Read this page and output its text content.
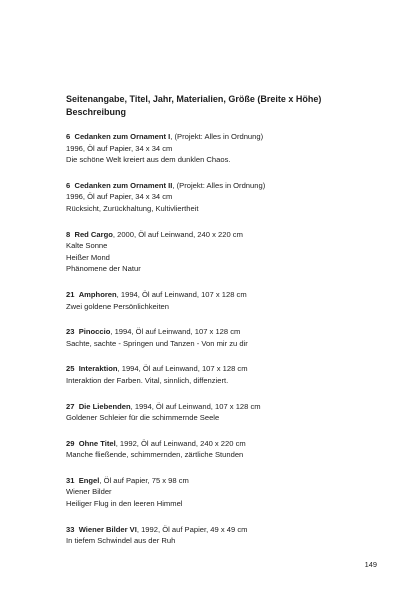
Seitenangabe, Titel, Jahr, Materialien, Größe (Breite x Höhe) Beschreibung
6 Cedanken zum Ornament I, (Projekt: Alles in Ordnung)
1996, Öl auf Papier, 34 x 34 cm
Die schöne Welt kreiert aus dem dunklen Chaos.
6 Cedanken zum Ornament II, (Projekt: Alles in Ordnung)
1996, Öl auf Papier, 34 x 34 cm
Rücksicht, Zurückhaltung, Kultivliertheit
8 Red Cargo, 2000, Öl auf Leinwand, 240 x 220 cm
Kalte Sonne
Heißer Mond
Phänomene der Natur
21 Amphoren, 1994, Öl auf Leinwand, 107 x 128 cm
Zwei goldene Persönlichkeiten
23 Pinoccio, 1994, Öl auf Leinwand, 107 x 128 cm
Sachte, sachte - Springen und Tanzen - Von mir zu dir
25 Interaktion, 1994, Öl auf Leinwand, 107 x 128 cm
Interaktion der Farben. Vital, sinnlich, diffenziert.
27 Die Liebenden, 1994, Öl auf Leinwand, 107 x 128 cm
Goldener Schleier für die schimmernde Seele
29 Ohne Titel, 1992, Öl auf Leinwand, 240 x 220 cm
Manche fließende, schimmernden, zärtliche Stunden
31 Engel, Öl auf Papier, 75 x 98 cm
Wiener Bilder
Heiliger Flug in den leeren Himmel
33 Wiener Bilder VI, 1992, Öl auf Papier, 49 x 49 cm
In tiefem Schwindel aus der Ruh
149
